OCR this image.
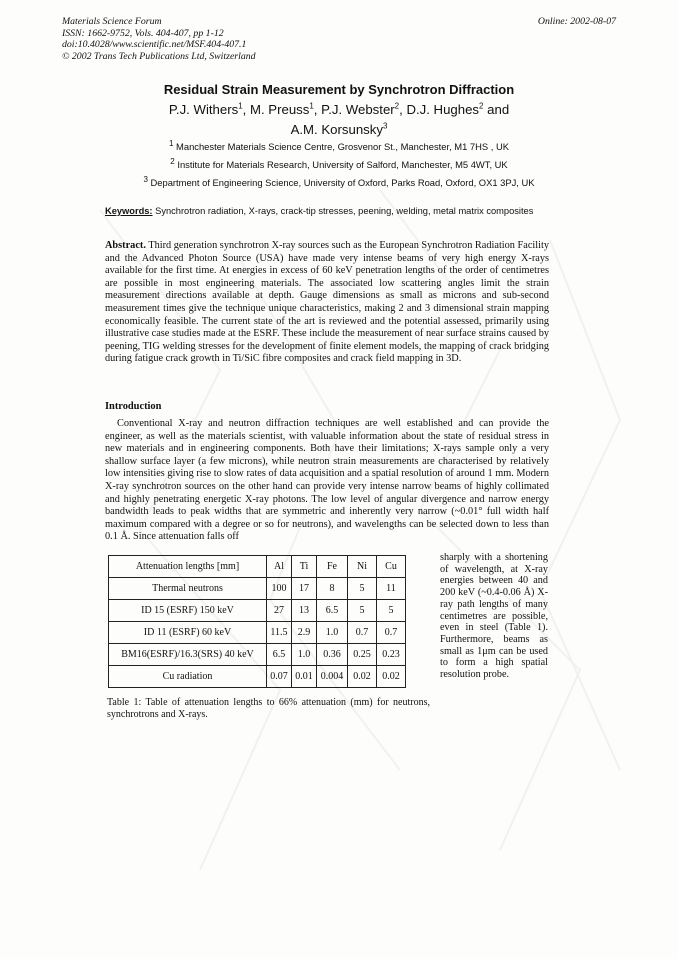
Materials Science Forum
ISSN: 1662-9752, Vols. 404-407, pp 1-12
doi:10.4028/www.scientific.net/MSF.404-407.1
© 2002 Trans Tech Publications Ltd, Switzerland
Online: 2002-08-07
Residual Strain Measurement by Synchrotron Diffraction
P.J. Withers$^1$, M. Preuss$^1$, P.J. Webster$^2$, D.J. Hughes$^2$ and
A.M. Korsunsky$^3$
$^1$ Manchester Materials Science Centre, Grosvenor St., Manchester, M1 7HS , UK
$^2$ Institute for Materials Research, University of Salford, Manchester, M5 4WT, UK
$^3$ Department of Engineering Science, University of Oxford, Parks Road, Oxford, OX1 3PJ, UK
Keywords: Synchrotron radiation, X-rays, crack-tip stresses, peening, welding, metal matrix composites
Abstract. Third generation synchrotron X-ray sources such as the European Synchrotron Radiation Facility and the Advanced Photon Source (USA) have made very intense beams of very high energy X-rays available for the first time. At energies in excess of 60 keV penetration lengths of the order of centimetres are possible in most engineering materials. The associated low scattering angles limit the strain measurement directions available at depth. Gauge dimensions as small as microns and sub-second measurement times give the technique unique characteristics, making 2 and 3 dimensional strain mapping economically feasible. The current state of the art is reviewed and the potential assessed, primarily using illustrative case studies made at the ESRF. These include the measurement of near surface strains caused by peening, TIG welding stresses for the development of finite element models, the mapping of crack bridging during fatigue crack growth in Ti/SiC fibre composites and crack field mapping in 3D.
Introduction
Conventional X-ray and neutron diffraction techniques are well established and can provide the engineer, as well as the materials scientist, with valuable information about the state of residual stress in new materials and in engineering components. Both have their limitations; X-rays sample only a very shallow surface layer (a few microns), while neutron strain measurements are characterised by relatively low intensities giving rise to slow rates of data acquisition and a spatial resolution of around 1 mm. Modern X-ray synchrotron sources on the other hand can provide very intense narrow beams of highly collimated and highly penetrating energetic X-ray photons. The low level of angular divergence and narrow energy bandwidth leads to peak widths that are symmetric and inherently very narrow (~0.01° full width half maximum compared with a degree or so for neutrons), and wavelengths can be selected down to less than 0.1 Å. Since attenuation falls off
Attenuation lengths [mm]	Al	Ti	Fe	Ni	Cu
Thermal neutrons	100	17	8	5	11
ID 15 (ESRF) 150 keV	27	13	6.5	5	5
ID 11 (ESRF) 60 keV	11.5	2.9	1.0	0.7	0.7
BM16(ESRF)/16.3(SRS) 40 keV	6.5	1.0	0.36	0.25	0.23
Cu radiation	0.07	0.01	0.004	0.02	0.02
sharply with a shortening of wavelength, at X-ray energies between 40 and 200 keV (~0.4-0.06 Å) X-ray path lengths of many centimetres are possible, even in steel (Table 1). Furthermore, beams as small as 1μm can be used to form a high spatial resolution probe.
Table 1: Table of attenuation lengths to 66% attenuation (mm) for neutrons, synchrotrons and X-rays.
